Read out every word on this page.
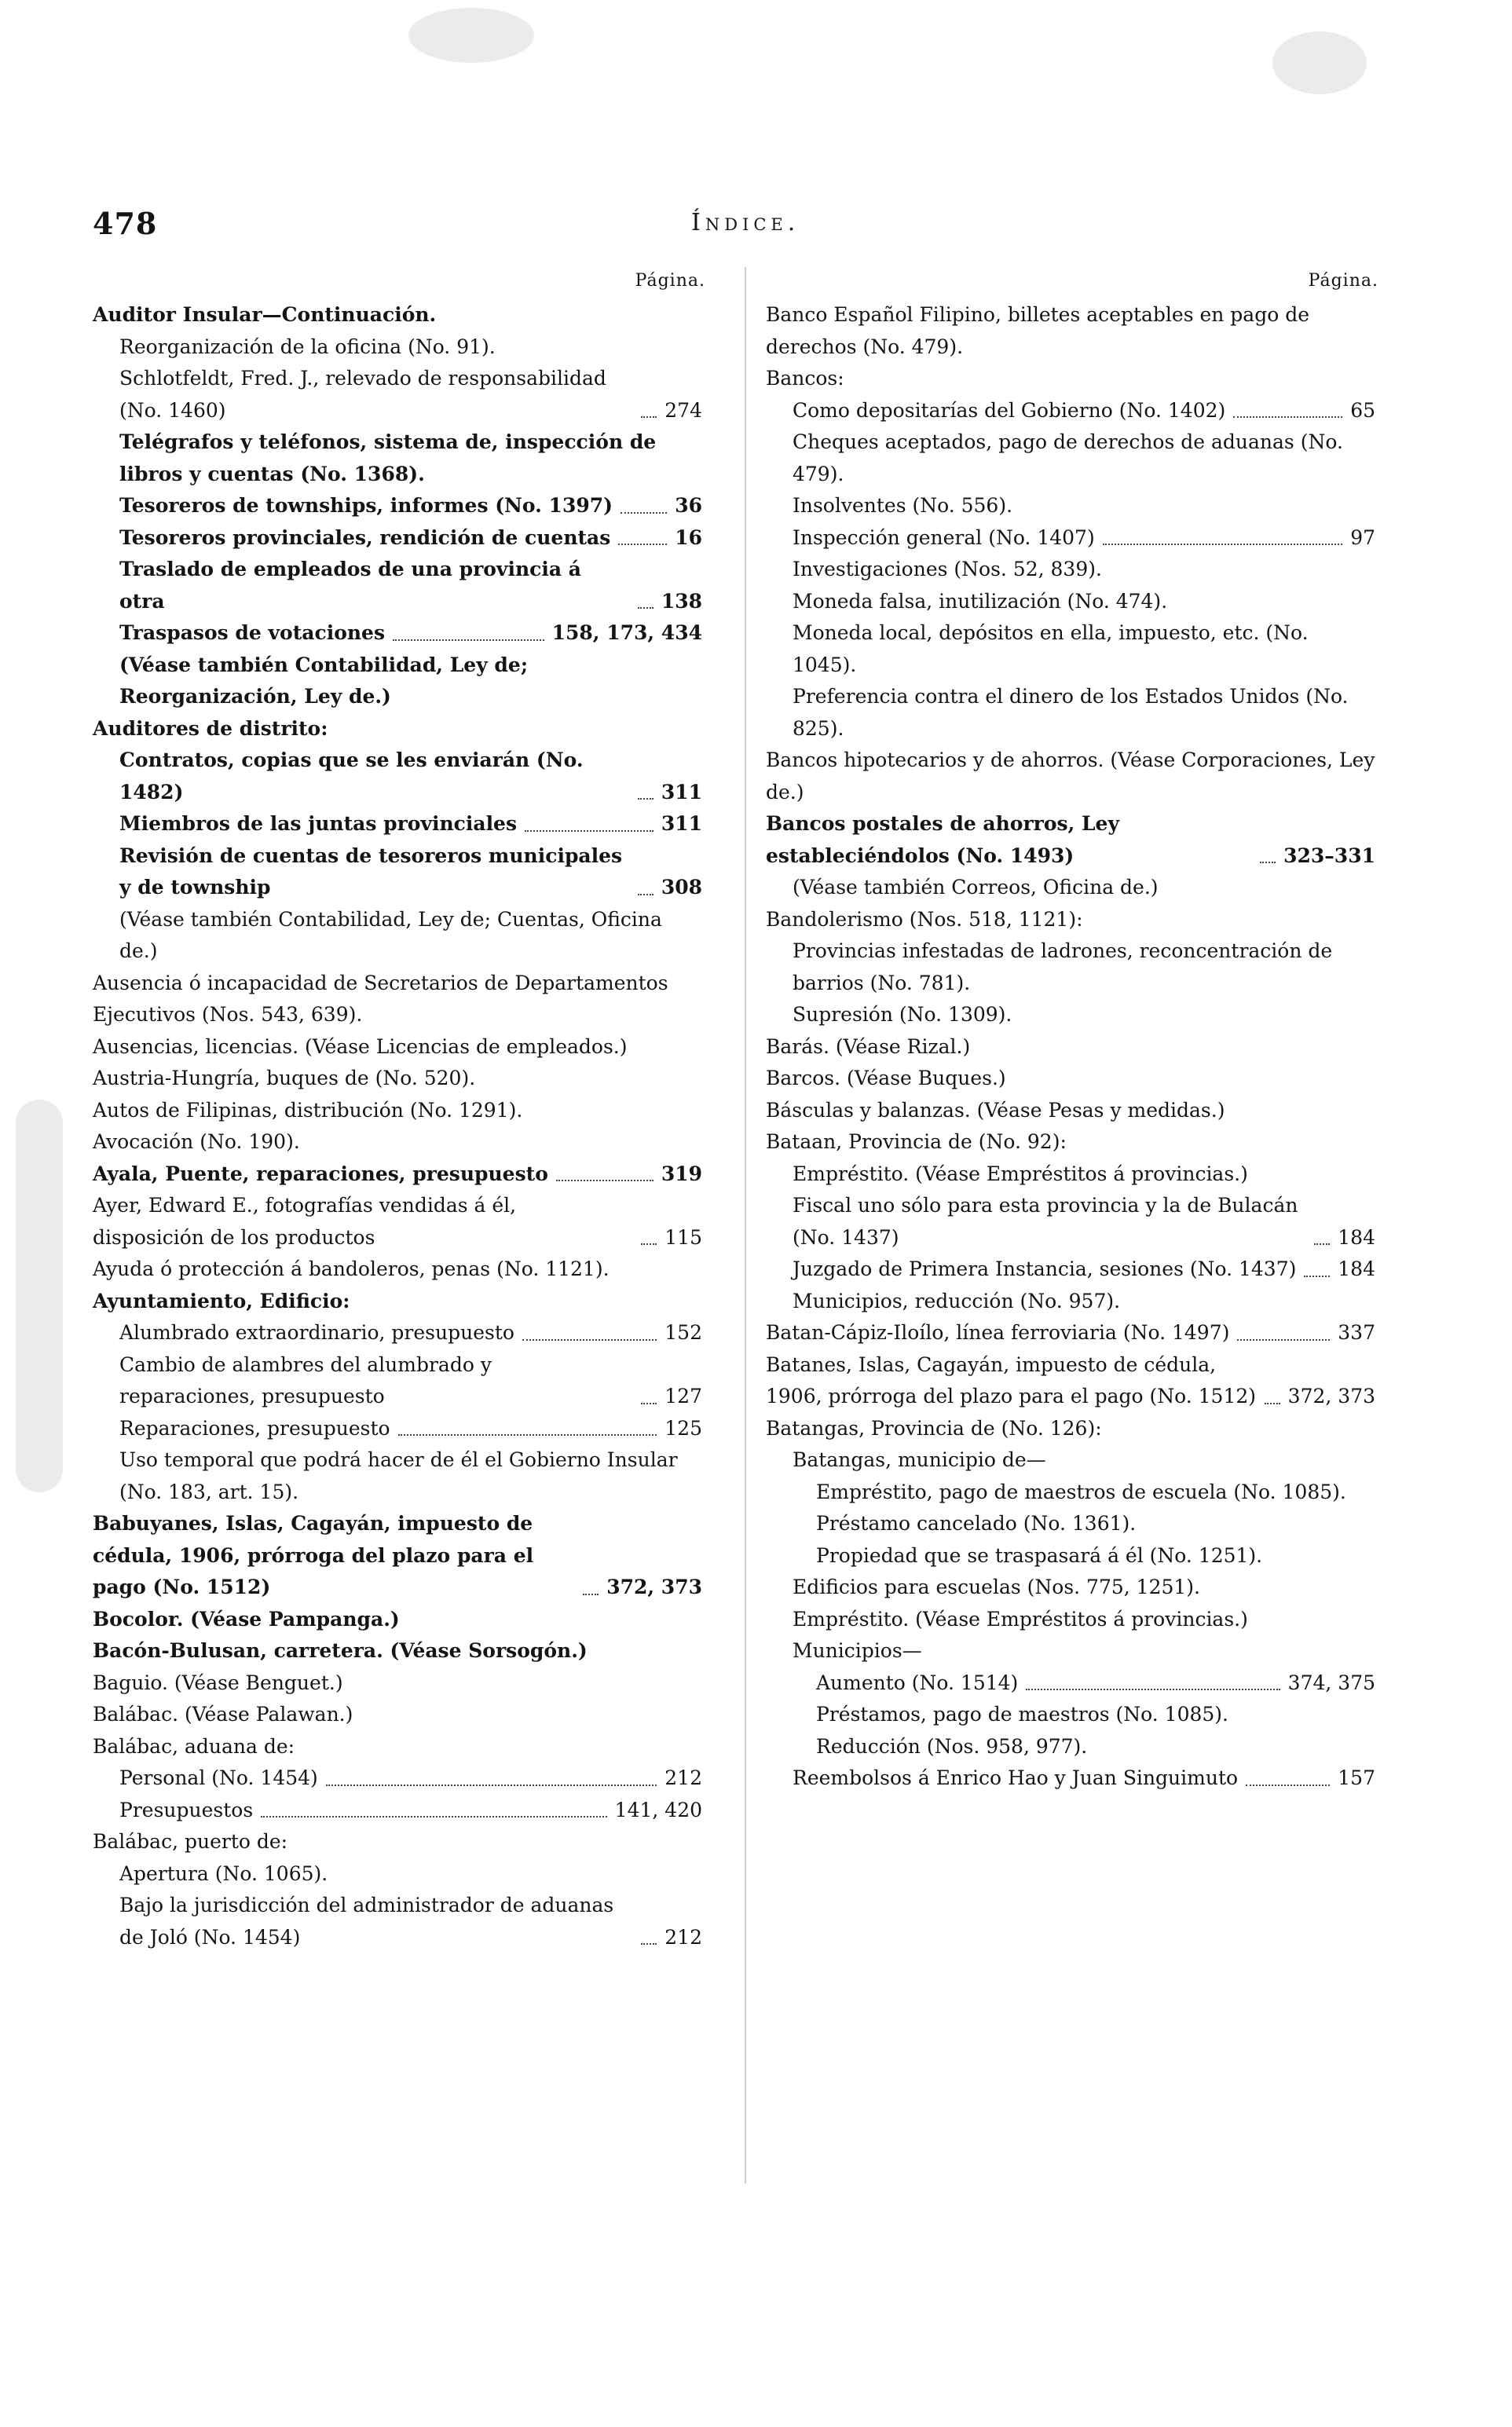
478	Índice.
Página.
Auditor Insular—Continuación.
Reorganización de la oficina (No. 91).
Schlotfeldt, Fred. J., relevado de responsabilidad (No. 1460)	274
Telégrafos y teléfonos, sistema de, inspección de libros y cuentas (No. 1368).
Tesoreros de townships, informes (No. 1397)	36
Tesoreros provinciales, rendición de cuentas	16
Traslado de empleados de una provincia á otra	138
Traspasos de votaciones	158, 173, 434
(Véase también Contabilidad, Ley de; Reorganización, Ley de.)
Auditores de distrito:
Contratos, copias que se les enviarán (No. 1482)	311
Miembros de las juntas provinciales	311
Revisión de cuentas de tesoreros municipales y de township	308
(Véase también Contabilidad, Ley de; Cuentas, Oficina de.)
Ausencia ó incapacidad de Secretarios de Departamentos Ejecutivos (Nos. 543, 639).
Ausencias, licencias. (Véase Licencias de empleados.)
Austria-Hungría, buques de (No. 520).
Autos de Filipinas, distribución (No. 1291).
Avocación (No. 190).
Ayala, Puente, reparaciones, presupuesto	319
Ayer, Edward E., fotografías vendidas á él, disposición de los productos	115
Ayuda ó protección á bandoleros, penas (No. 1121).
Ayuntamiento, Edificio:
Alumbrado extraordinario, presupuesto	152
Cambio de alambres del alumbrado y reparaciones, presupuesto	127
Reparaciones, presupuesto	125
Uso temporal que podrá hacer de él el Gobierno Insular (No. 183, art. 15).
Babuyanes, Islas, Cagayán, impuesto de cédula, 1906, prórroga del plazo para el pago (No. 1512)	372, 373
Bocolor. (Véase Pampanga.)
Bacón-Bulusan, carretera. (Véase Sorsogón.)
Baguio. (Véase Benguet.)
Balábac. (Véase Palawan.)
Balábac, aduana de:
Personal (No. 1454)	212
Presupuestos	141, 420
Balábac, puerto de:
Apertura (No. 1065).
Bajo la jurisdicción del administrador de aduanas de Joló (No. 1454)	212
Página.
Banco Español Filipino, billetes aceptables en pago de derechos (No. 479).
Bancos:
Como depositarías del Gobierno (No. 1402)	65
Cheques aceptados, pago de derechos de aduanas (No. 479).
Insolventes (No. 556).
Inspección general (No. 1407)	97
Investigaciones (Nos. 52, 839).
Moneda falsa, inutilización (No. 474).
Moneda local, depósitos en ella, impuesto, etc. (No. 1045).
Preferencia contra el dinero de los Estados Unidos (No. 825).
Bancos hipotecarios y de ahorros. (Véase Corporaciones, Ley de.)
Bancos postales de ahorros, Ley estableciéndolos (No. 1493)	323–331
(Véase también Correos, Oficina de.)
Bandolerismo (Nos. 518, 1121):
Provincias infestadas de ladrones, reconcentración de barrios (No. 781).
Supresión (No. 1309).
Barás. (Véase Rizal.)
Barcos. (Véase Buques.)
Básculas y balanzas. (Véase Pesas y medidas.)
Bataan, Provincia de (No. 92):
Empréstito. (Véase Empréstitos á provincias.)
Fiscal uno sólo para esta provincia y la de Bulacán (No. 1437)	184
Juzgado de Primera Instancia, sesiones (No. 1437) 184
Municipios, reducción (No. 957).
Batan-Cápiz-Iloílo, línea ferroviaria (No. 1497)	337
Batanes, Islas, Cagayán, impuesto de cédula, 1906, prórroga del plazo para el pago (No. 1512) 372, 373
Batangas, Provincia de (No. 126):
Batangas, municipio de—
Empréstito, pago de maestros de escuela (No. 1085).
Préstamo cancelado (No. 1361).
Propiedad que se traspasará á él (No. 1251).
Edificios para escuelas (Nos. 775, 1251).
Empréstito. (Véase Empréstitos á provincias.)
Municipios—
Aumento (No. 1514)	374, 375
Préstamos, pago de maestros (No. 1085).
Reducción (Nos. 958, 977).
Reembolsos á Enrico Hao y Juan Singuimuto	157
